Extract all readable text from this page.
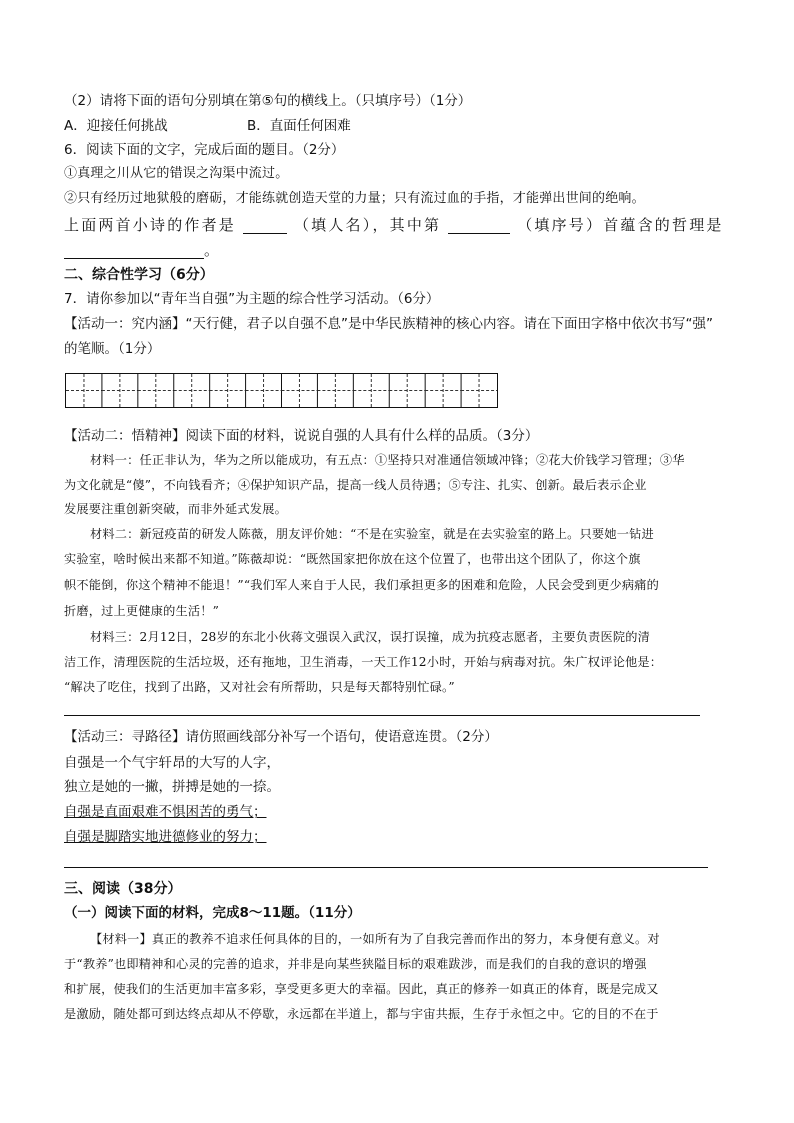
（2）请将下面的语句分别填在第⑤句的横线上。（只填序号）（1分）
A．迎接任何挑战	B．直面任何困难
6．阅读下面的文字，完成后面的题目。（2分）
①真理之川从它的错误之沟渠中流过。
②只有经历过地狱般的磨砺，才能练就创造天堂的力量；只有流过血的手指，才能弹出世间的绝响。
上面两首小诗的作者是	（填人名），其中第	（填序号）首蕴含的哲理是
。
二、综合性学习（6分）
7．请你参加以“青年当自强”为主题的综合性学习活动。（6分）
【活动一：究内涵】“天行健，君子以自强不息”是中华民族精神的核心内容。请在下面田字格中依次书写“强”
的笔顺。（1分）
【活动二：悟精神】阅读下面的材料，说说自强的人具有什么样的品质。（3分）
材料一：任正非认为，华为之所以能成功，有五点：①坚持只对准通信领域冲锋；②花大价钱学习管理；③华
为文化就是“傻”，不向钱看齐；④保护知识产品，提高一线人员待遇；⑤专注、扎实、创新。最后表示企业
发展要注重创新突破，而非外延式发展。
材料二：新冠疫苗的研发人陈薇，朋友评价她：“不是在实验室，就是在去实验室的路上。只要她一钻进
实验室，啥时候出来都不知道。”陈薇却说：“既然国家把你放在这个位置了，也带出这个团队了，你这个旗
帜不能倒，你这个精神不能退！”“我们军人来自于人民，我们承担更多的困难和危险，人民会受到更少病痛的
折磨，过上更健康的生活！”
材料三：2月12日，28岁的东北小伙蒋文强误入武汉，误打误撞，成为抗疫志愿者，主要负责医院的清
洁工作，清理医院的生活垃圾，还有拖地，卫生消毒，一天工作12小时，开始与病毒对抗。朱广权评论他是：
“解决了吃住，找到了出路，又对社会有所帮助，只是每天都特别忙碌。”
【活动三：寻路径】请仿照画线部分补写一个语句，使语意连贯。（2分）
自强是一个气宇轩昂的大写的人字，
独立是她的一撇，拼搏是她的一捺。
自强是直面艰难不惧困苦的勇气；
自强是脚踏实地进德修业的努力；
三、阅读（38分）
（一）阅读下面的材料，完成8～11题。（11分）
【材料一】真正的教养不追求任何具体的目的，一如所有为了自我完善而作出的努力，本身便有意义。对
于“教养”也即精神和心灵的完善的追求，并非是向某些狭隘目标的艰难跋涉，而是我们的自我的意识的增强
和扩展，使我们的生活更加丰富多彩，享受更多更大的幸福。因此，真正的修养一如真正的体育，既是完成又
是激励，随处都可到达终点却从不停歇，永远都在半道上，都与宇宙共振，生存于永恒之中。它的目的不在于
